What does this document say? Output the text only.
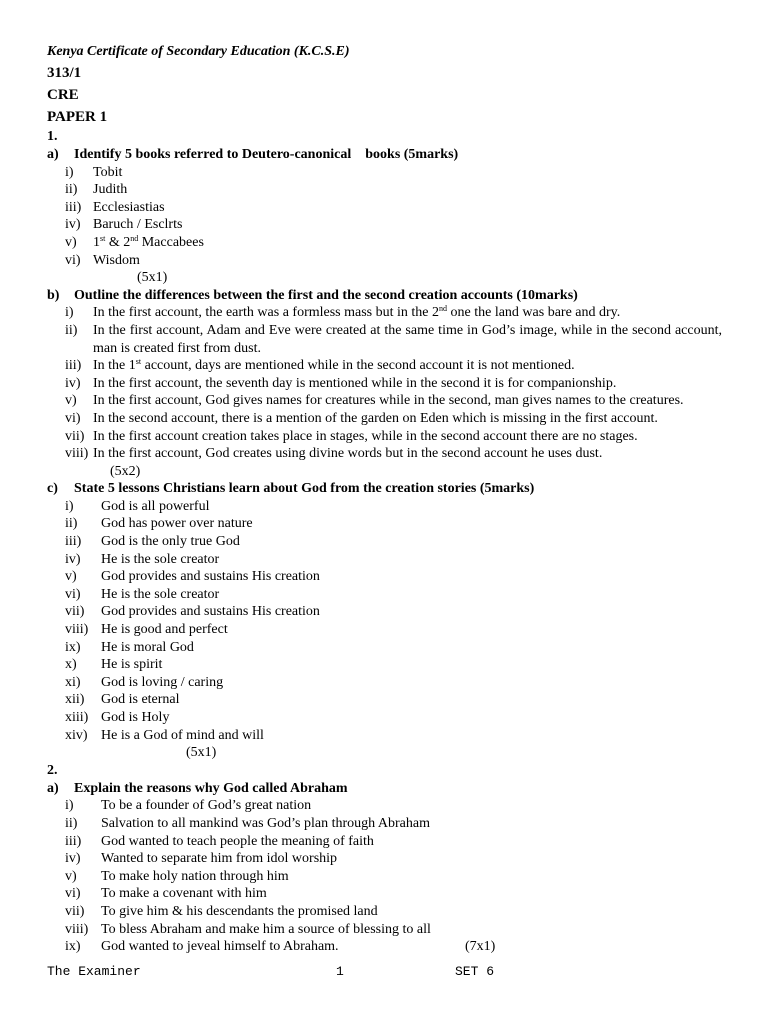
Kenya Certificate of Secondary Education (K.C.S.E)
313/1
CRE
PAPER 1
1.
a)	Identify 5 books referred to Deutero-canonical    books (5marks)
i)	Tobit
ii)	Judith
iii) Ecclesiastias
iv) Baruch / Esclrts
v)	1st & 2nd Maccabees
vi) Wisdom
(5x1)
b)	Outline the differences between the first and the second creation accounts (10marks)
i)	In the first account, the earth was a formless mass but in the 2nd one the land was bare and dry.
ii)	In the first account, Adam and Eve were created at the same time in God’s image, while in the second account, man is created first from dust.
iii) In the 1st account, days are mentioned while in the second account it is not mentioned.
iv) In the first account, the seventh day is mentioned while in the second it is for companionship.
v)	In the first account, God gives names for creatures while in the second, man gives names to the creatures.
vi) In the second account, there is a mention of the garden on Eden which is missing in the first account.
vii) In the first account creation takes place in stages, while in the second account there are no stages.
viii) In the first account, God creates using divine words but in the second account he uses dust.
(5x2)
c)	State 5 lessons Christians learn about God from the creation stories (5marks)
i)	God is all powerful
ii)	God has power over nature
iii)	God is the only true God
iv)	He is the sole creator
v)	God provides and sustains His creation
vi)	He is the sole creator
vii)	God provides and sustains His creation
viii) He is good and perfect
ix)	He is moral God
x)	He is spirit
xi)	God is loving / caring
xii)	God is eternal
xiii) God is Holy
xiv) He is a God of mind and will
(5x1)
2.
a)	Explain the reasons why God called Abraham
i)	To be a founder of God’s great nation
ii)	Salvation to all mankind was God’s plan through Abraham
iii)	God wanted to teach people the meaning of faith
iv)	Wanted to separate him from idol worship
v)	To make holy nation through him
vi)	To make a covenant with him
vii)	To give him & his descendants the promised land
viii) To bless Abraham and make him a source of blessing to all
ix)	God wanted to jeveal himself to Abraham.	(7x1)
The Examiner	1	SET 6
